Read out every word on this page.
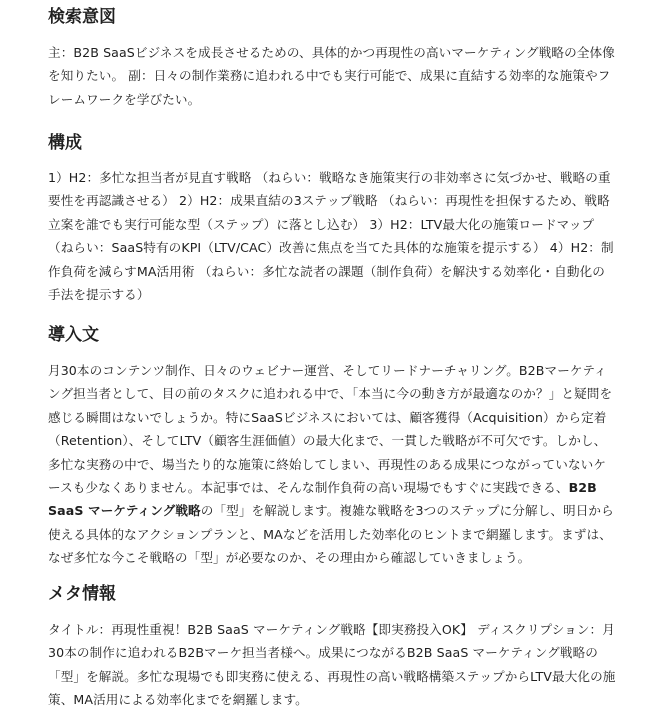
検索意図

主：B2B SaaSビジネスを成長させるための、具体的かつ再現性の高いマーケティング戦略の全体像を知りたい。 副：日々の制作業務に追われる中でも実行可能で、成果に直結する効率的な施策やフレームワークを学びたい。

構成

1）H2：多忙な担当者が見直す戦略 （ねらい：戦略なき施策実行の非効率さに気づかせ、戦略の重要性を再認識させる） 2）H2：成果直結の3ステップ戦略 （ねらい：再現性を担保するため、戦略立案を誰でも実行可能な型（ステップ）に落とし込む） 3）H2：LTV最大化の施策ロードマップ （ねらい：SaaS特有のKPI（LTV/CAC）改善に焦点を当てた具体的な施策を提示する） 4）H2：制作負荷を減らすMA活用術 （ねらい：多忙な読者の課題（制作負荷）を解決する効率化・自動化の手法を提示する）

導入文

月30本のコンテンツ制作、日々のウェビナー運営、そしてリードナーチャリング。B2Bマーケティング担当者として、目の前のタスクに追われる中で、「本当に今の動き方が最適なのか？」と疑問を感じる瞬間はないでしょうか。特にSaaSビジネスにおいては、顧客獲得（Acquisition）から定着（Retention）、そしてLTV（顧客生涯価値）の最大化まで、一貫した戦略が不可欠です。しかし、多忙な実務の中で、場当たり的な施策に終始してしまい、再現性のある成果につながっていないケースも少なくありません。本記事では、そんな制作負荷の高い現場でもすぐに実践できる、B2B SaaS マーケティング戦略の「型」を解説します。複雑な戦略を3つのステップに分解し、明日から使える具体的なアクションプランと、MAなどを活用した効率化のヒントまで網羅します。まずは、なぜ多忙な今こそ戦略の「型」が必要なのか、その理由から確認していきましょう。

メタ情報

タイトル：再現性重視！B2B SaaS マーケティング戦略【即実務投入OK】 ディスクリプション：月30本の制作に追われるB2Bマーケ担当者様へ。成果につながるB2B SaaS マーケティング戦略の「型」を解説。多忙な現場でも即実務に使える、再現性の高い戦略構築ステップからLTV最大化の施策、MA活用による効率化までを網羅します。
